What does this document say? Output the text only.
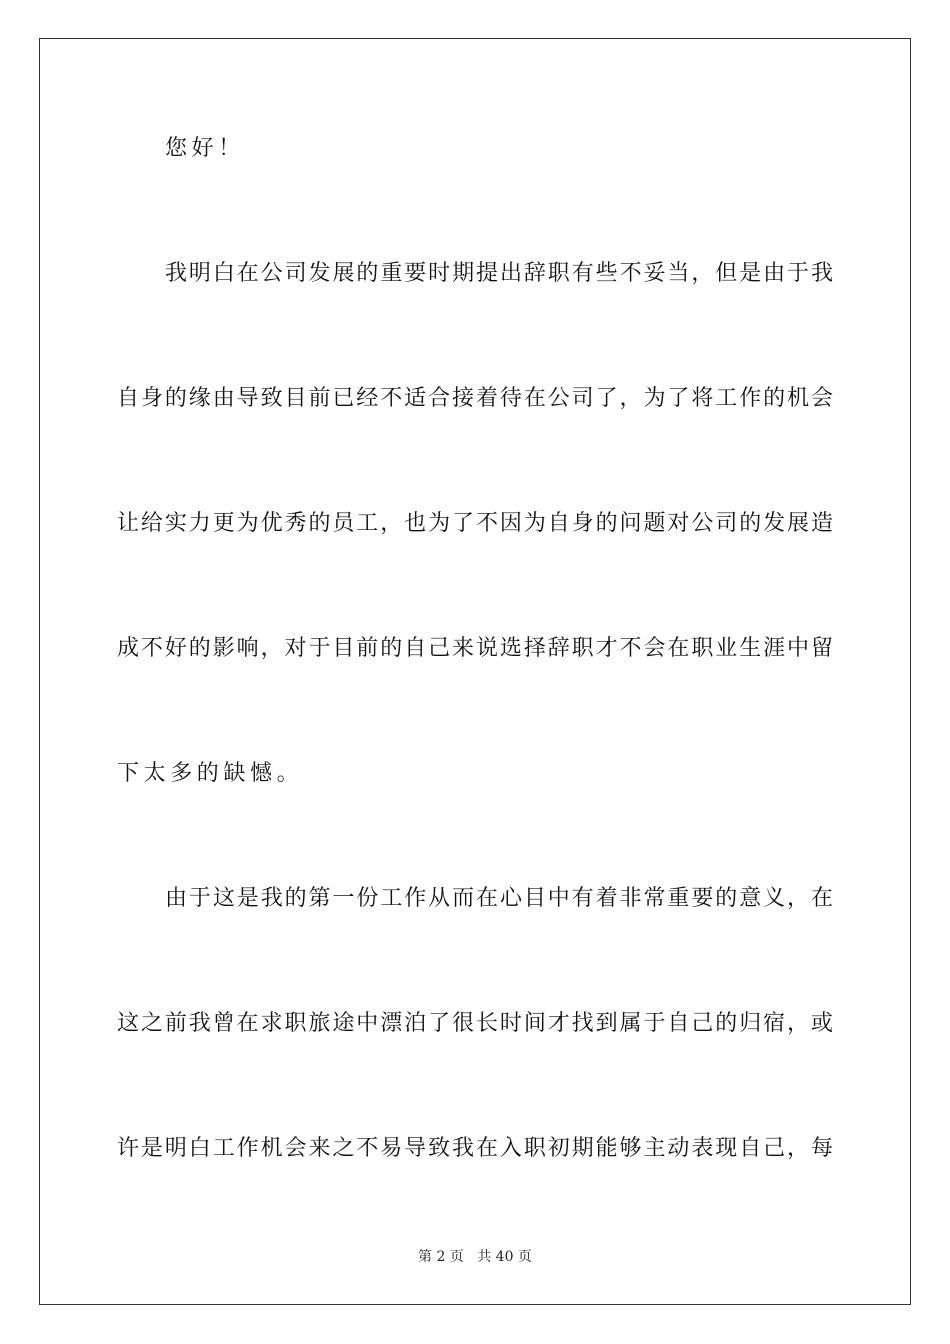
您好！
我明白在公司发展的重要时期提出辞职有些不妥当，但是由于我
自身的缘由导致目前已经不适合接着待在公司了，为了将工作的机会
让给实力更为优秀的员工，也为了不因为自身的问题对公司的发展造
成不好的影响，对于目前的自己来说选择辞职才不会在职业生涯中留
下太多的缺憾。
由于这是我的第一份工作从而在心目中有着非常重要的意义，在
这之前我曾在求职旅途中漂泊了很长时间才找到属于自己的归宿，或
许是明白工作机会来之不易导致我在入职初期能够主动表现自己，每
第 2 页 共 40 页
